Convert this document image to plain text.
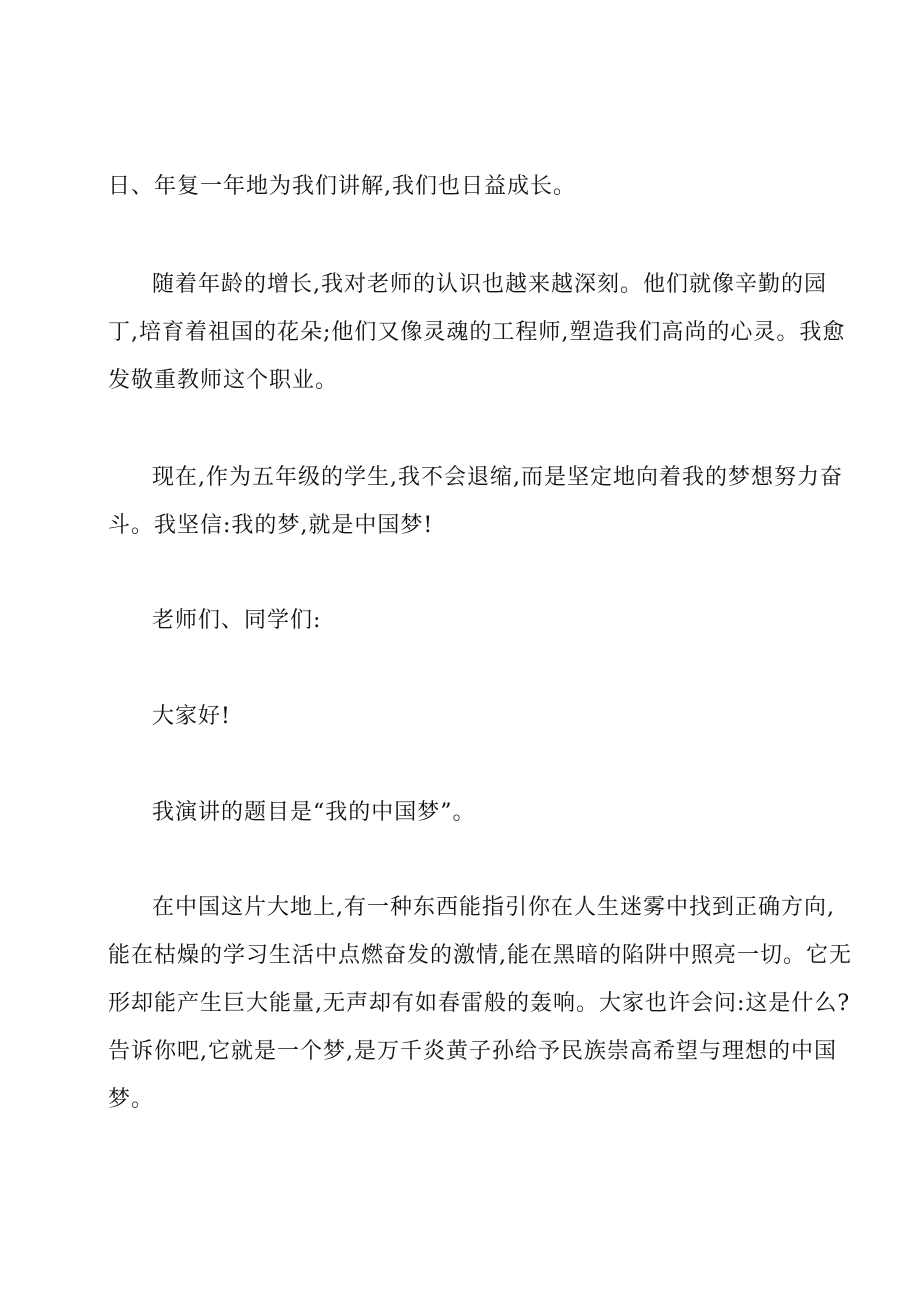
日、年复一年地为我们讲解,我们也日益成长。
随着年龄的增长,我对老师的认识也越来越深刻。他们就像辛勤的园
丁,培育着祖国的花朵;他们又像灵魂的工程师,塑造我们高尚的心灵。我愈
发敬重教师这个职业。
现在,作为五年级的学生,我不会退缩,而是坚定地向着我的梦想努力奋
斗。我坚信:我的梦,就是中国梦!
老师们、同学们:
大家好!
我演讲的题目是“我的中国梦”。
在中国这片大地上,有一种东西能指引你在人生迷雾中找到正确方向,
能在枯燥的学习生活中点燃奋发的激情,能在黑暗的陷阱中照亮一切。它无
形却能产生巨大能量,无声却有如春雷般的轰响。大家也许会问:这是什么?
告诉你吧,它就是一个梦,是万千炎黄子孙给予民族崇高希望与理想的中国
梦。
